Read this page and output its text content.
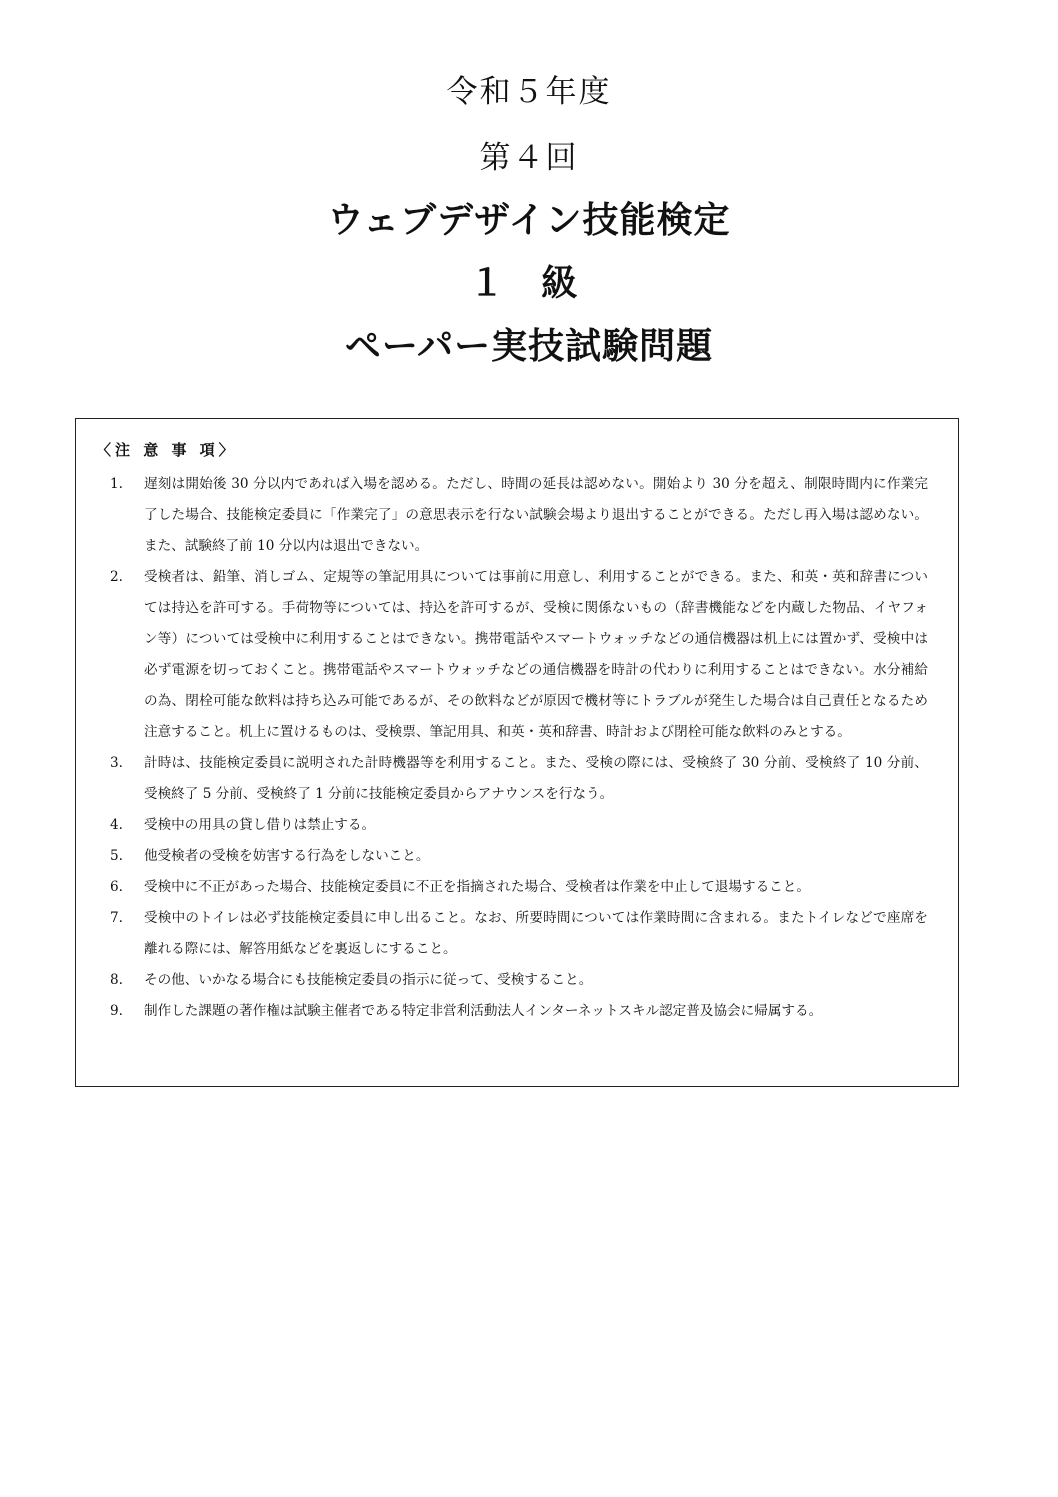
令和５年度
第４回
ウェブデザイン技能検定
１ 級
ペーパー実技試験問題
〈注 意 事 項〉
1.	遅刻は開始後 30 分以内であれば入場を認める。ただし、時間の延長は認めない。開始より 30 分を超え、制限時間内に作業完了した場合、技能検定委員に「作業完了」の意思表示を行ない試験会場より退出することができる。ただし再入場は認めない。また、試験終了前 10 分以内は退出できない。
2.	受検者は、鉛筆、消しゴム、定規等の筆記用具については事前に用意し、利用することができる。また、和英・英和辞書については持込を許可する。手荷物等については、持込を許可するが、受検に関係ないもの（辞書機能などを内蔵した物品、イヤフォン等）については受検中に利用することはできない。携帯電話やスマートウォッチなどの通信機器は机上には置かず、受検中は必ず電源を切っておくこと。携帯電話やスマートウォッチなどの通信機器を時計の代わりに利用することはできない。水分補給の為、閉栓可能な飲料は持ち込み可能であるが、その飲料などが原因で機材等にトラブルが発生した場合は自己責任となるため注意すること。机上に置けるものは、受検票、筆記用具、和英・英和辞書、時計および閉栓可能な飲料のみとする。
3.	計時は、技能検定委員に説明された計時機器等を利用すること。また、受検の際には、受検終了 30 分前、受検終了 10 分前、受検終了 5 分前、受検終了 1 分前に技能検定委員からアナウンスを行なう。
4.	受検中の用具の貸し借りは禁止する。
5.	他受検者の受検を妨害する行為をしないこと。
6.	受検中に不正があった場合、技能検定委員に不正を指摘された場合、受検者は作業を中止して退場すること。
7.	受検中のトイレは必ず技能検定委員に申し出ること。なお、所要時間については作業時間に含まれる。またトイレなどで座席を離れる際には、解答用紙などを裏返しにすること。
8.	その他、いかなる場合にも技能検定委員の指示に従って、受検すること。
9.	制作した課題の著作権は試験主催者である特定非営利活動法人インターネットスキル認定普及協会に帰属する。
